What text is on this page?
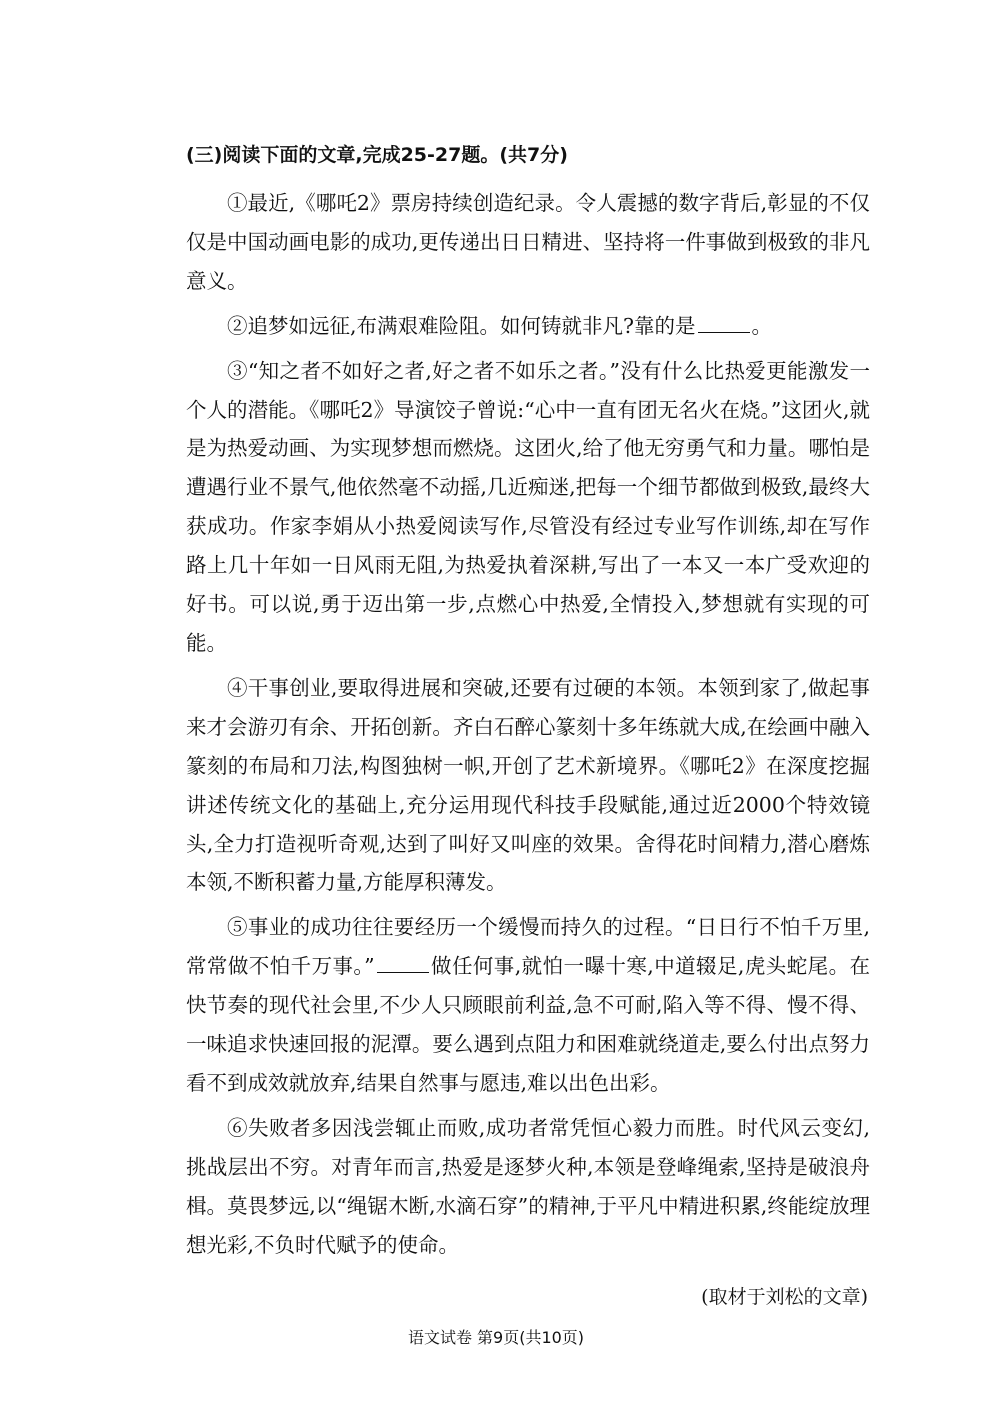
(三)阅读下面的文章,完成25-27题。(共7分)

①最近,《哪吒2》票房持续创造纪录。令人震撼的数字背后,彰显的不仅仅是中国动画电影的成功,更传递出日日精进、坚持将一件事做到极致的非凡意义。

②追梦如远征,布满艰难险阻。如何铸就非凡?靠的是	。

③“知之者不如好之者,好之者不如乐之者。”没有什么比热爱更能激发一个人的潜能。《哪吒2》导演饺子曾说:“心中一直有团无名火在烧。”这团火,就是为热爱动画、为实现梦想而燃烧。这团火,给了他无穷勇气和力量。哪怕是遭遇行业不景气,他依然毫不动摇,几近痴迷,把每一个细节都做到极致,最终大获成功。作家李娟从小热爱阅读写作,尽管没有经过专业写作训练,却在写作路上几十年如一日风雨无阻,为热爱执着深耕,写出了一本又一本广受欢迎的好书。可以说,勇于迈出第一步,点燃心中热爱,全情投入,梦想就有实现的可能。

④干事创业,要取得进展和突破,还要有过硬的本领。本领到家了,做起事来才会游刃有余、开拓创新。齐白石醉心篆刻十多年练就大成,在绘画中融入篆刻的布局和刀法,构图独树一帜,开创了艺术新境界。《哪吒2》在深度挖掘讲述传统文化的基础上,充分运用现代科技手段赋能,通过近2000个特效镜头,全力打造视听奇观,达到了叫好又叫座的效果。舍得花时间精力,潜心磨炼本领,不断积蓄力量,方能厚积薄发。

⑤事业的成功往往要经历一个缓慢而持久的过程。“日日行不怕千万里,常常做不怕千万事。”	做任何事,就怕一曝十寒,中道辍足,虎头蛇尾。在快节奏的现代社会里,不少人只顾眼前利益,急不可耐,陷入等不得、慢不得、一味追求快速回报的泥潭。要么遇到点阻力和困难就绕道走,要么付出点努力看不到成效就放弃,结果自然事与愿违,难以出色出彩。

⑥失败者多因浅尝辄止而败,成功者常凭恒心毅力而胜。时代风云变幻,挑战层出不穷。对青年而言,热爱是逐梦火种,本领是登峰绳索,坚持是破浪舟楫。莫畏梦远,以“绳锯木断,水滴石穿”的精神,于平凡中精进积累,终能绽放理想光彩,不负时代赋予的使命。

(取材于刘松的文章)
语文试卷 第9页(共10页)
